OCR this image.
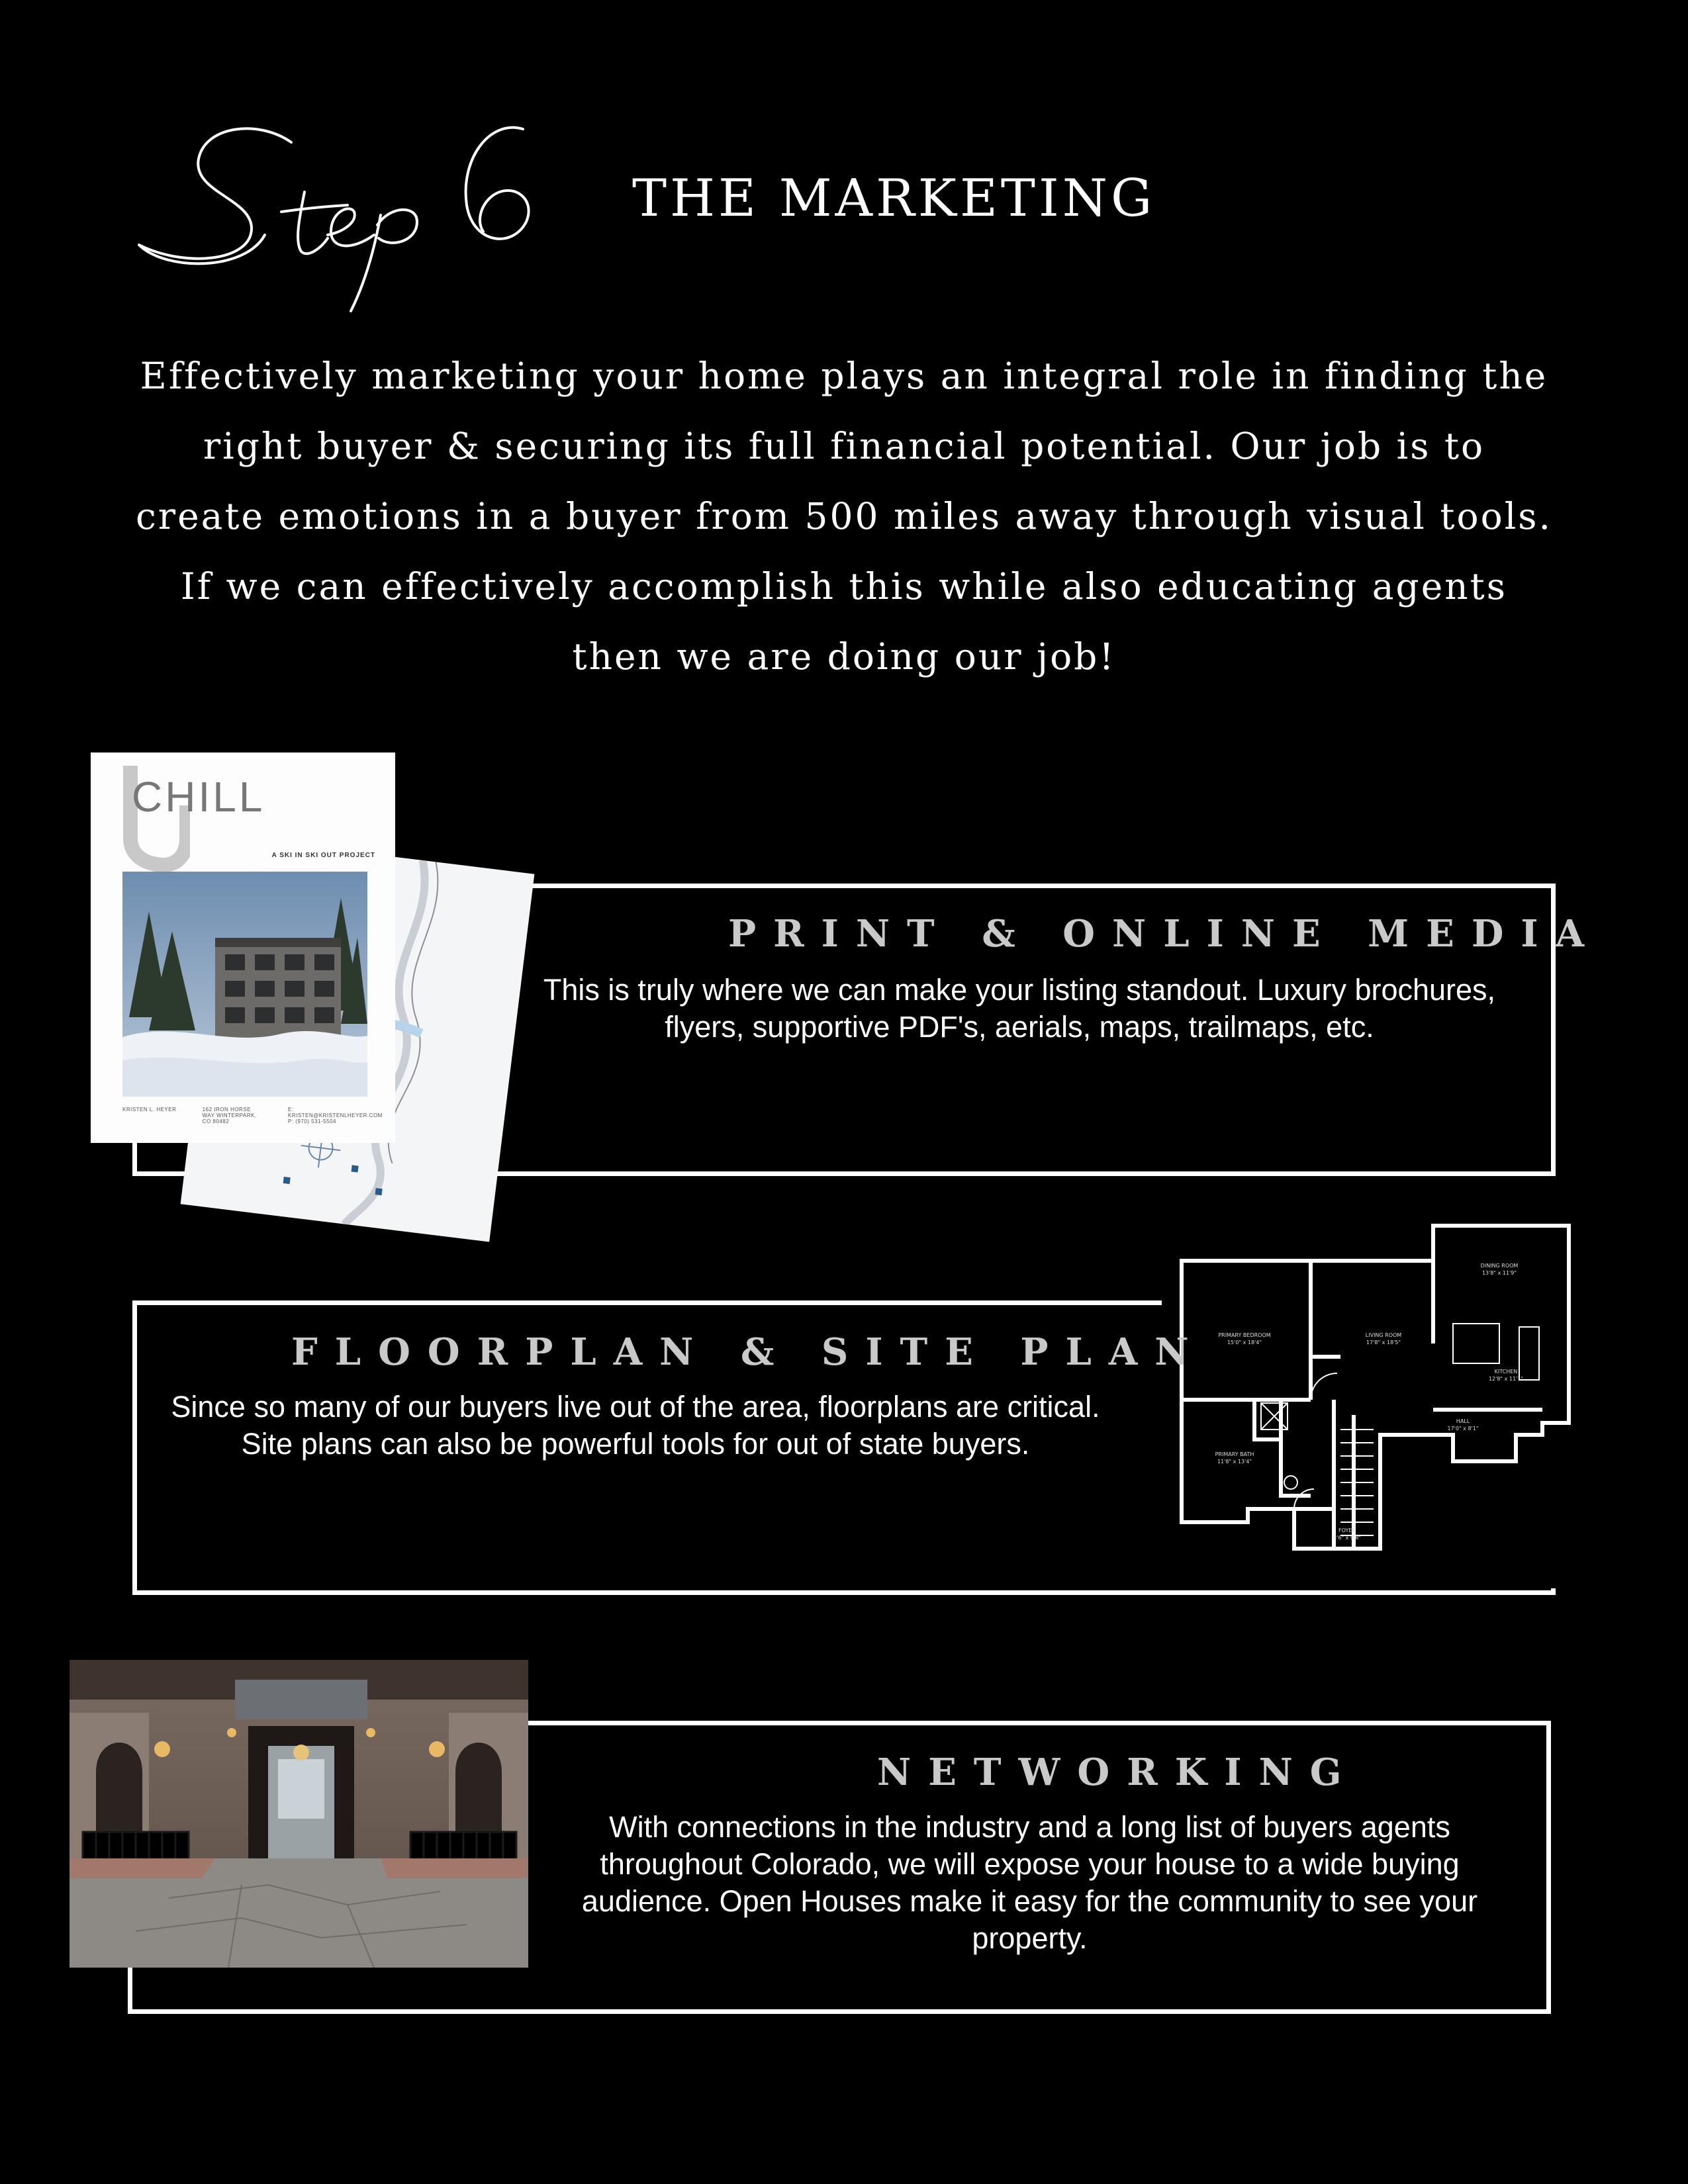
THE MARKETING
Effectively marketing your home plays an integral role in finding the right buyer & securing its full financial potential. Our job is to create emotions in a buyer from 500 miles away through visual tools. If we can effectively accomplish this while also educating agents then we are doing our job!
CHILL
A SKI IN SKI OUT PROJECT
KRISTEN L. HEYER	162 IRON HORSE WAY WINTERPARK, CO 80482
E: KRISTEN@KRISTENLHEYER.COM P: (970) 531-5504
PRINT & ONLINE MEDIA
This is truly where we can make your listing standout. Luxury brochures, flyers, supportive PDF's, aerials, maps, trailmaps, etc.
DINING ROOM
13'8" x 11'9"
PRIMARY BEDROOM
15'0" x 18'4"
LIVING ROOM
17'8" x 18'5"
KITCHEN
12'8" x 11'1"
HALL
17'0" x 8'1"
PRIMARY BATH
11'8" x 13'4"
FOYER
8'6" x 9'8"
FLOORPLAN & SITE PLAN
Since so many of our buyers live out of the area, floorplans are critical. Site plans can also be powerful tools for out of state buyers.
NETWORKING
With connections in the industry and a long list of buyers agents throughout Colorado, we will expose your house to a wide buying audience. Open Houses make it easy for the community to see your property.
